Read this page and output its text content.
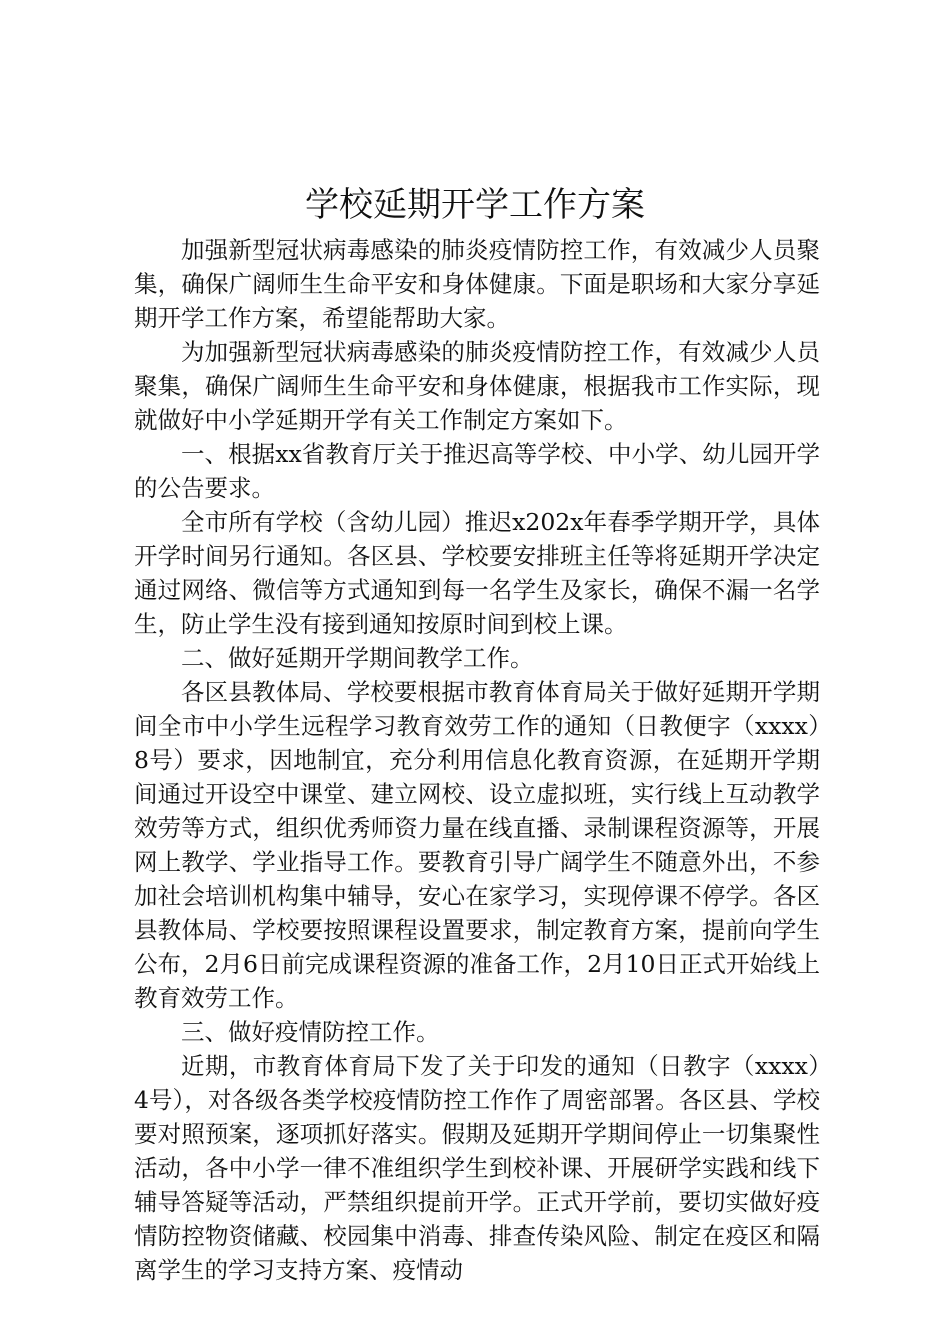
学校延期开学工作方案

加强新型冠状病毒感染的肺炎疫情防控工作，有效减少人员聚集，确保广阔师生生命平安和身体健康。下面是职场和大家分享延期开学工作方案，希望能帮助大家。

为加强新型冠状病毒感染的肺炎疫情防控工作，有效减少人员聚集，确保广阔师生生命平安和身体健康，根据我市工作实际，现就做好中小学延期开学有关工作制定方案如下。

一、根据xx省教育厅关于推迟高等学校、中小学、幼儿园开学的公告要求。

全市所有学校（含幼儿园）推迟x202x年春季学期开学，具体开学时间另行通知。各区县、学校要安排班主任等将延期开学决定通过网络、微信等方式通知到每一名学生及家长，确保不漏一名学生，防止学生没有接到通知按原时间到校上课。

二、做好延期开学期间教学工作。

各区县教体局、学校要根据市教育体育局关于做好延期开学期间全市中小学生远程学习教育效劳工作的通知（日教便字（xxxx）8号）要求，因地制宜，充分利用信息化教育资源，在延期开学期间通过开设空中课堂、建立网校、设立虚拟班，实行线上互动教学效劳等方式，组织优秀师资力量在线直播、录制课程资源等，开展网上教学、学业指导工作。要教育引导广阔学生不随意外出，不参加社会培训机构集中辅导，安心在家学习，实现停课不停学。各区县教体局、学校要按照课程设置要求，制定教育方案，提前向学生公布，2月6日前完成课程资源的准备工作，2月10日正式开始线上教育效劳工作。

三、做好疫情防控工作。

近期，市教育体育局下发了关于印发的通知（日教字（xxxx）4号），对各级各类学校疫情防控工作作了周密部署。各区县、学校要对照预案，逐项抓好落实。假期及延期开学期间停止一切集聚性活动，各中小学一律不准组织学生到校补课、开展研学实践和线下辅导答疑等活动，严禁组织提前开学。正式开学前，要切实做好疫情防控物资储藏、校园集中消毒、排查传染风险、制定在疫区和隔离学生的学习支持方案、疫情动
